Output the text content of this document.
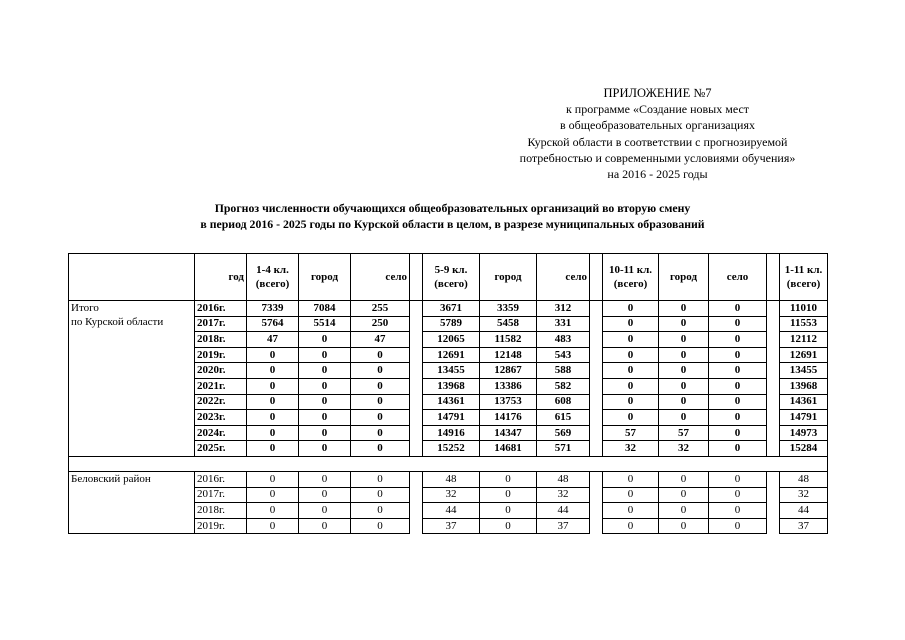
ПРИЛОЖЕНИЕ №7
к программе «Создание новых мест
в общеобразовательных организациях
Курской области в соответствии с прогнозируемой
потребностью и современными условиями обучения»
на 2016 - 2025 годы
Прогноз численности обучающихся общеобразовательных организаций во вторую смену
в период 2016 - 2025 годы по Курской области в целом, в разрезе муниципальных образований
	год	1-4 кл. (всего)	город	село		5-9 кл. (всего)	город	село		10-11 кл. (всего)	город	село		1-11 кл. (всего)

Итого
по Курской области	2016г.	7339	7084	255		3671	3359	312		0	0	0		11010
	2017г.	5764	5514	250		5789	5458	331		0	0	0		11553
	2018г.	47	0	47		12065	11582	483		0	0	0		12112
	2019г.	0	0	0		12691	12148	543		0	0	0		12691
	2020г.	0	0	0		13455	12867	588		0	0	0		13455
	2021г.	0	0	0		13968	13386	582		0	0	0		13968
	2022г.	0	0	0		14361	13753	608		0	0	0		14361
	2023г.	0	0	0		14791	14176	615		0	0	0		14791
	2024г.	0	0	0		14916	14347	569		57	57	0		14973
	2025г.	0	0	0		15252	14681	571		32	32	0		15284

Беловский район	2016г.	0	0	0		48	0	48		0	0	0		48
	2017г.	0	0	0		32	0	32		0	0	0		32
	2018г.	0	0	0		44	0	44		0	0	0		44
	2019г.	0	0	0		37	0	37		0	0	0		37
